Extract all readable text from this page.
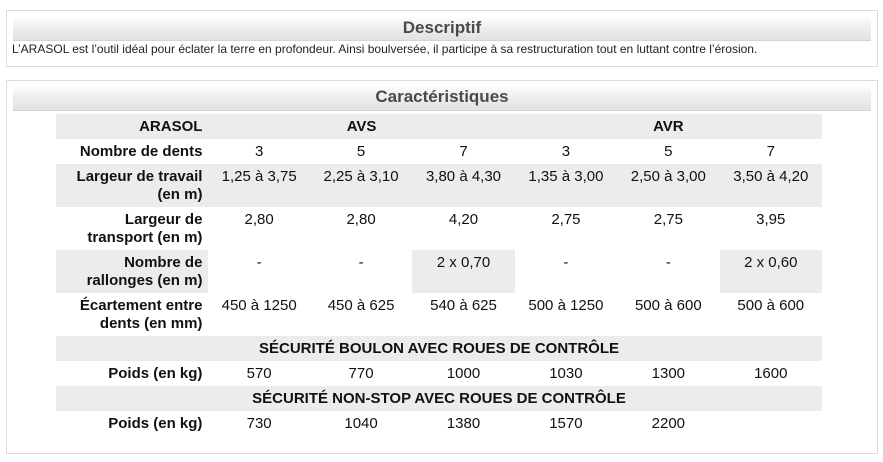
Descriptif
L’ARASOL est l’outil idéal pour éclater la terre en profondeur. Ainsi boulversée, il participe à sa restructuration tout en luttant contre l’érosion.
Caractéristiques
ARASOL	AVS			AVR		
Nombre de dents	3	5	7	3	5	7
Largeur de travail
(en m)	1,25 à 3,75	2,25 à 3,10	3,80 à 4,30	1,35 à 3,00	2,50 à 3,00	3,50 à 4,20
Largeur de
transport (en m)	2,80	2,80	4,20	2,75	2,75	3,95
Nombre de
rallonges (en m)	-	-	2 x 0,70	-	-	2 x 0,60
Écartement entre
dents (en mm)	450 à 1250	450 à 625	540 à 625	500 à 1250	500 à 600	500 à 600
SÉCURITÉ BOULON AVEC ROUES DE CONTRÔLE						
Poids (en kg)	570	770	1000	1030	1300	1600
SÉCURITÉ NON-STOP AVEC ROUES DE CONTRÔLE						
Poids (en kg)	730	1040	1380	1570	2200	
